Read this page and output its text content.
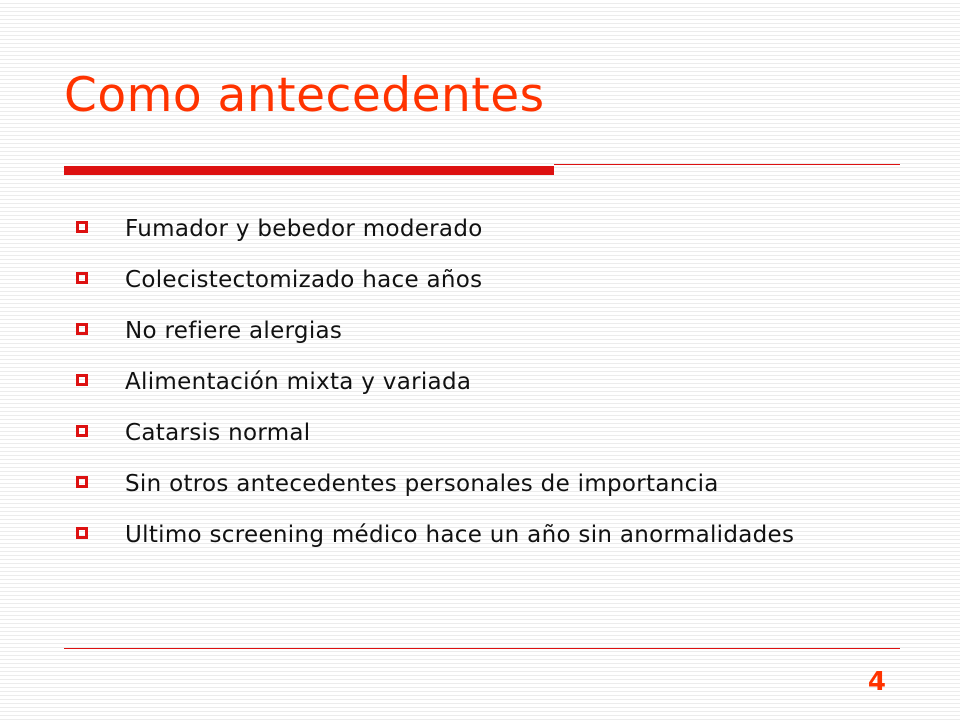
Como antecedentes
Fumador y bebedor moderado
Colecistectomizado hace años
No refiere alergias
Alimentación mixta y variada
Catarsis normal
Sin otros antecedentes personales de importancia
Ultimo screening médico hace un año sin anormalidades
4
